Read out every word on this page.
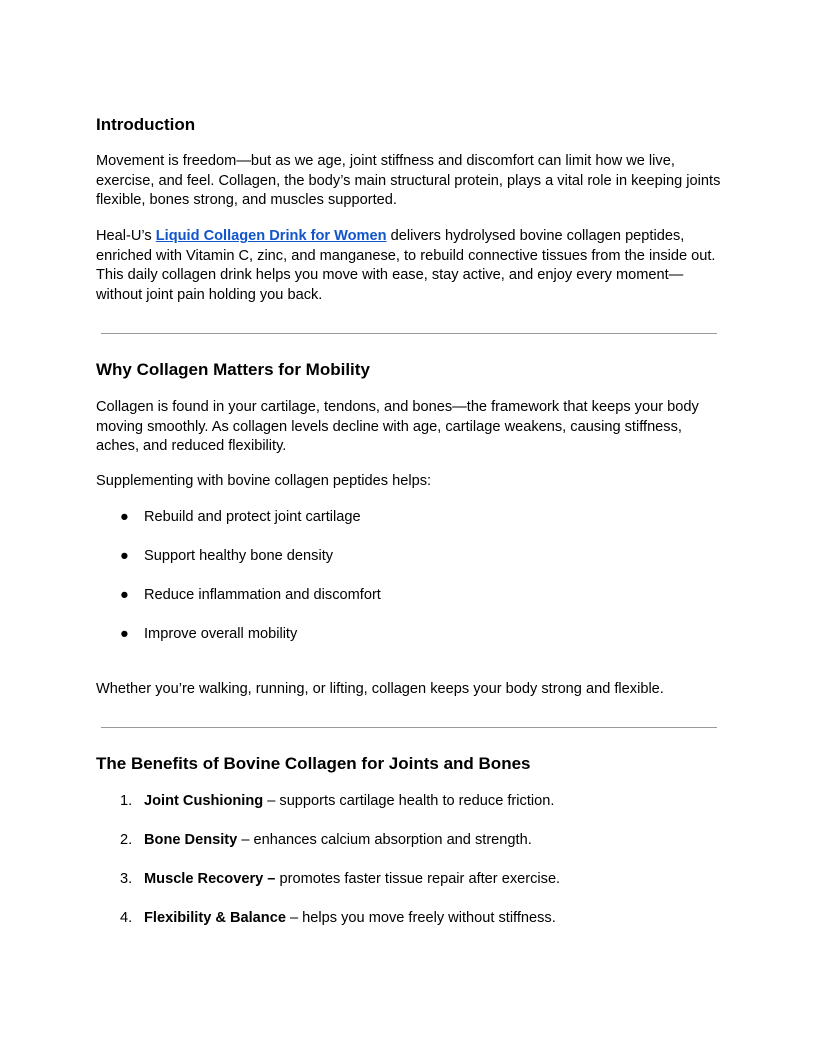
Introduction

Movement is freedom—but as we age, joint stiffness and discomfort can limit how we live, exercise, and feel. Collagen, the body’s main structural protein, plays a vital role in keeping joints flexible, bones strong, and muscles supported.

Heal-U’s Liquid Collagen Drink for Women delivers hydrolysed bovine collagen peptides, enriched with Vitamin C, zinc, and manganese, to rebuild connective tissues from the inside out. This daily collagen drink helps you move with ease, stay active, and enjoy every moment—without joint pain holding you back.

Why Collagen Matters for Mobility

Collagen is found in your cartilage, tendons, and bones—the framework that keeps your body moving smoothly. As collagen levels decline with age, cartilage weakens, causing stiffness, aches, and reduced flexibility.

Supplementing with bovine collagen peptides helps:

● Rebuild and protect joint cartilage
● Support healthy bone density
● Reduce inflammation and discomfort
● Improve overall mobility

Whether you’re walking, running, or lifting, collagen keeps your body strong and flexible.

The Benefits of Bovine Collagen for Joints and Bones
1. Joint Cushioning – supports cartilage health to reduce friction.
2. Bone Density – enhances calcium absorption and strength.
3. Muscle Recovery – promotes faster tissue repair after exercise.
4. Flexibility & Balance – helps you move freely without stiffness.
